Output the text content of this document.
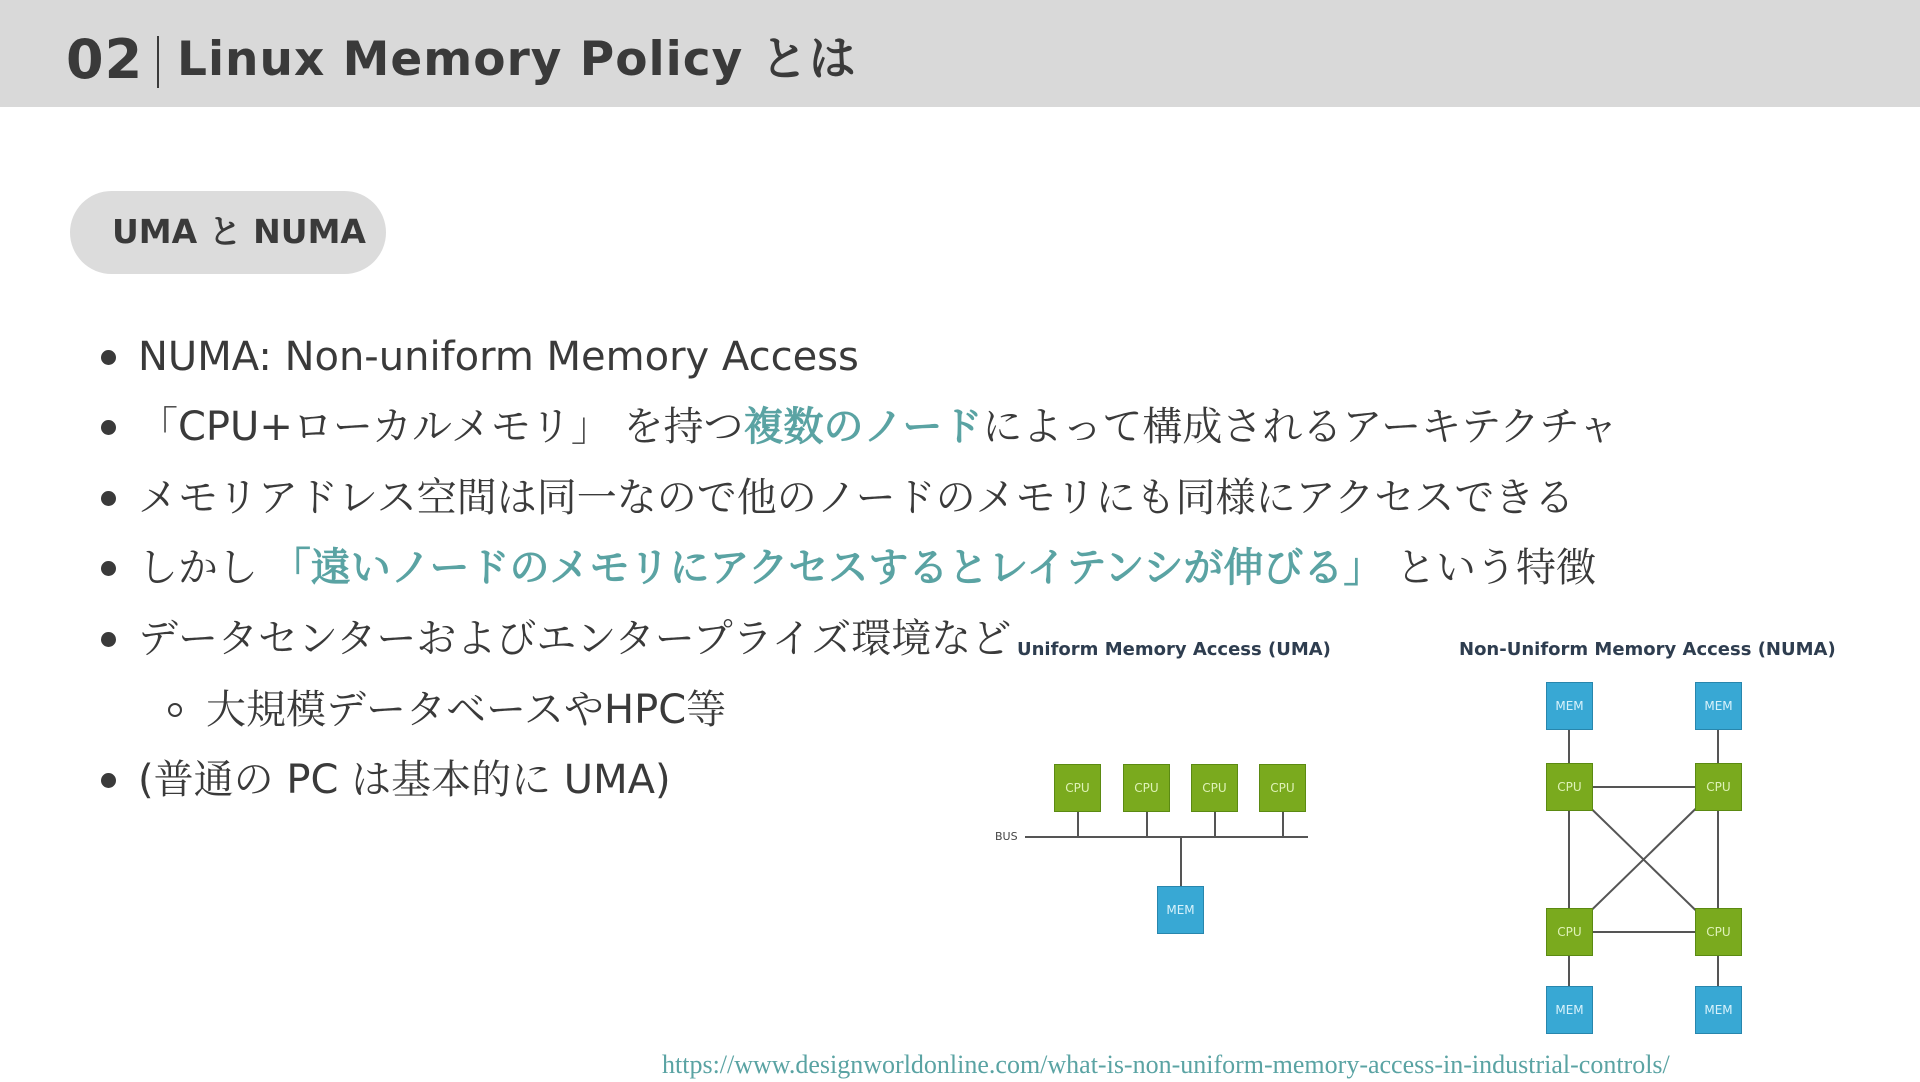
02 Linux Memory Policy とは
UMA と NUMA
NUMA: Non-uniform Memory Access
「CPU+ローカルメモリ」 を持つ複数のノードによって構成されるアーキテクチャ
メモリアドレス空間は同一なので他のノードのメモリにも同様にアクセスできる
しかし 「遠いノードのメモリにアクセスするとレイテンシが伸びる」 という特徴
データセンターおよびエンタープライズ環境など
大規模データベースやHPC等
(普通の PC は基本的に UMA)
Uniform Memory Access (UMA)
BUS
CPU	CPU	CPU	CPU
MEM
Non-Uniform Memory Access (NUMA)
MEM	MEM
CPU	CPU
CPU	CPU
MEM	MEM
https://www.designworldonline.com/what-is-non-uniform-memory-access-in-industrial-controls/
